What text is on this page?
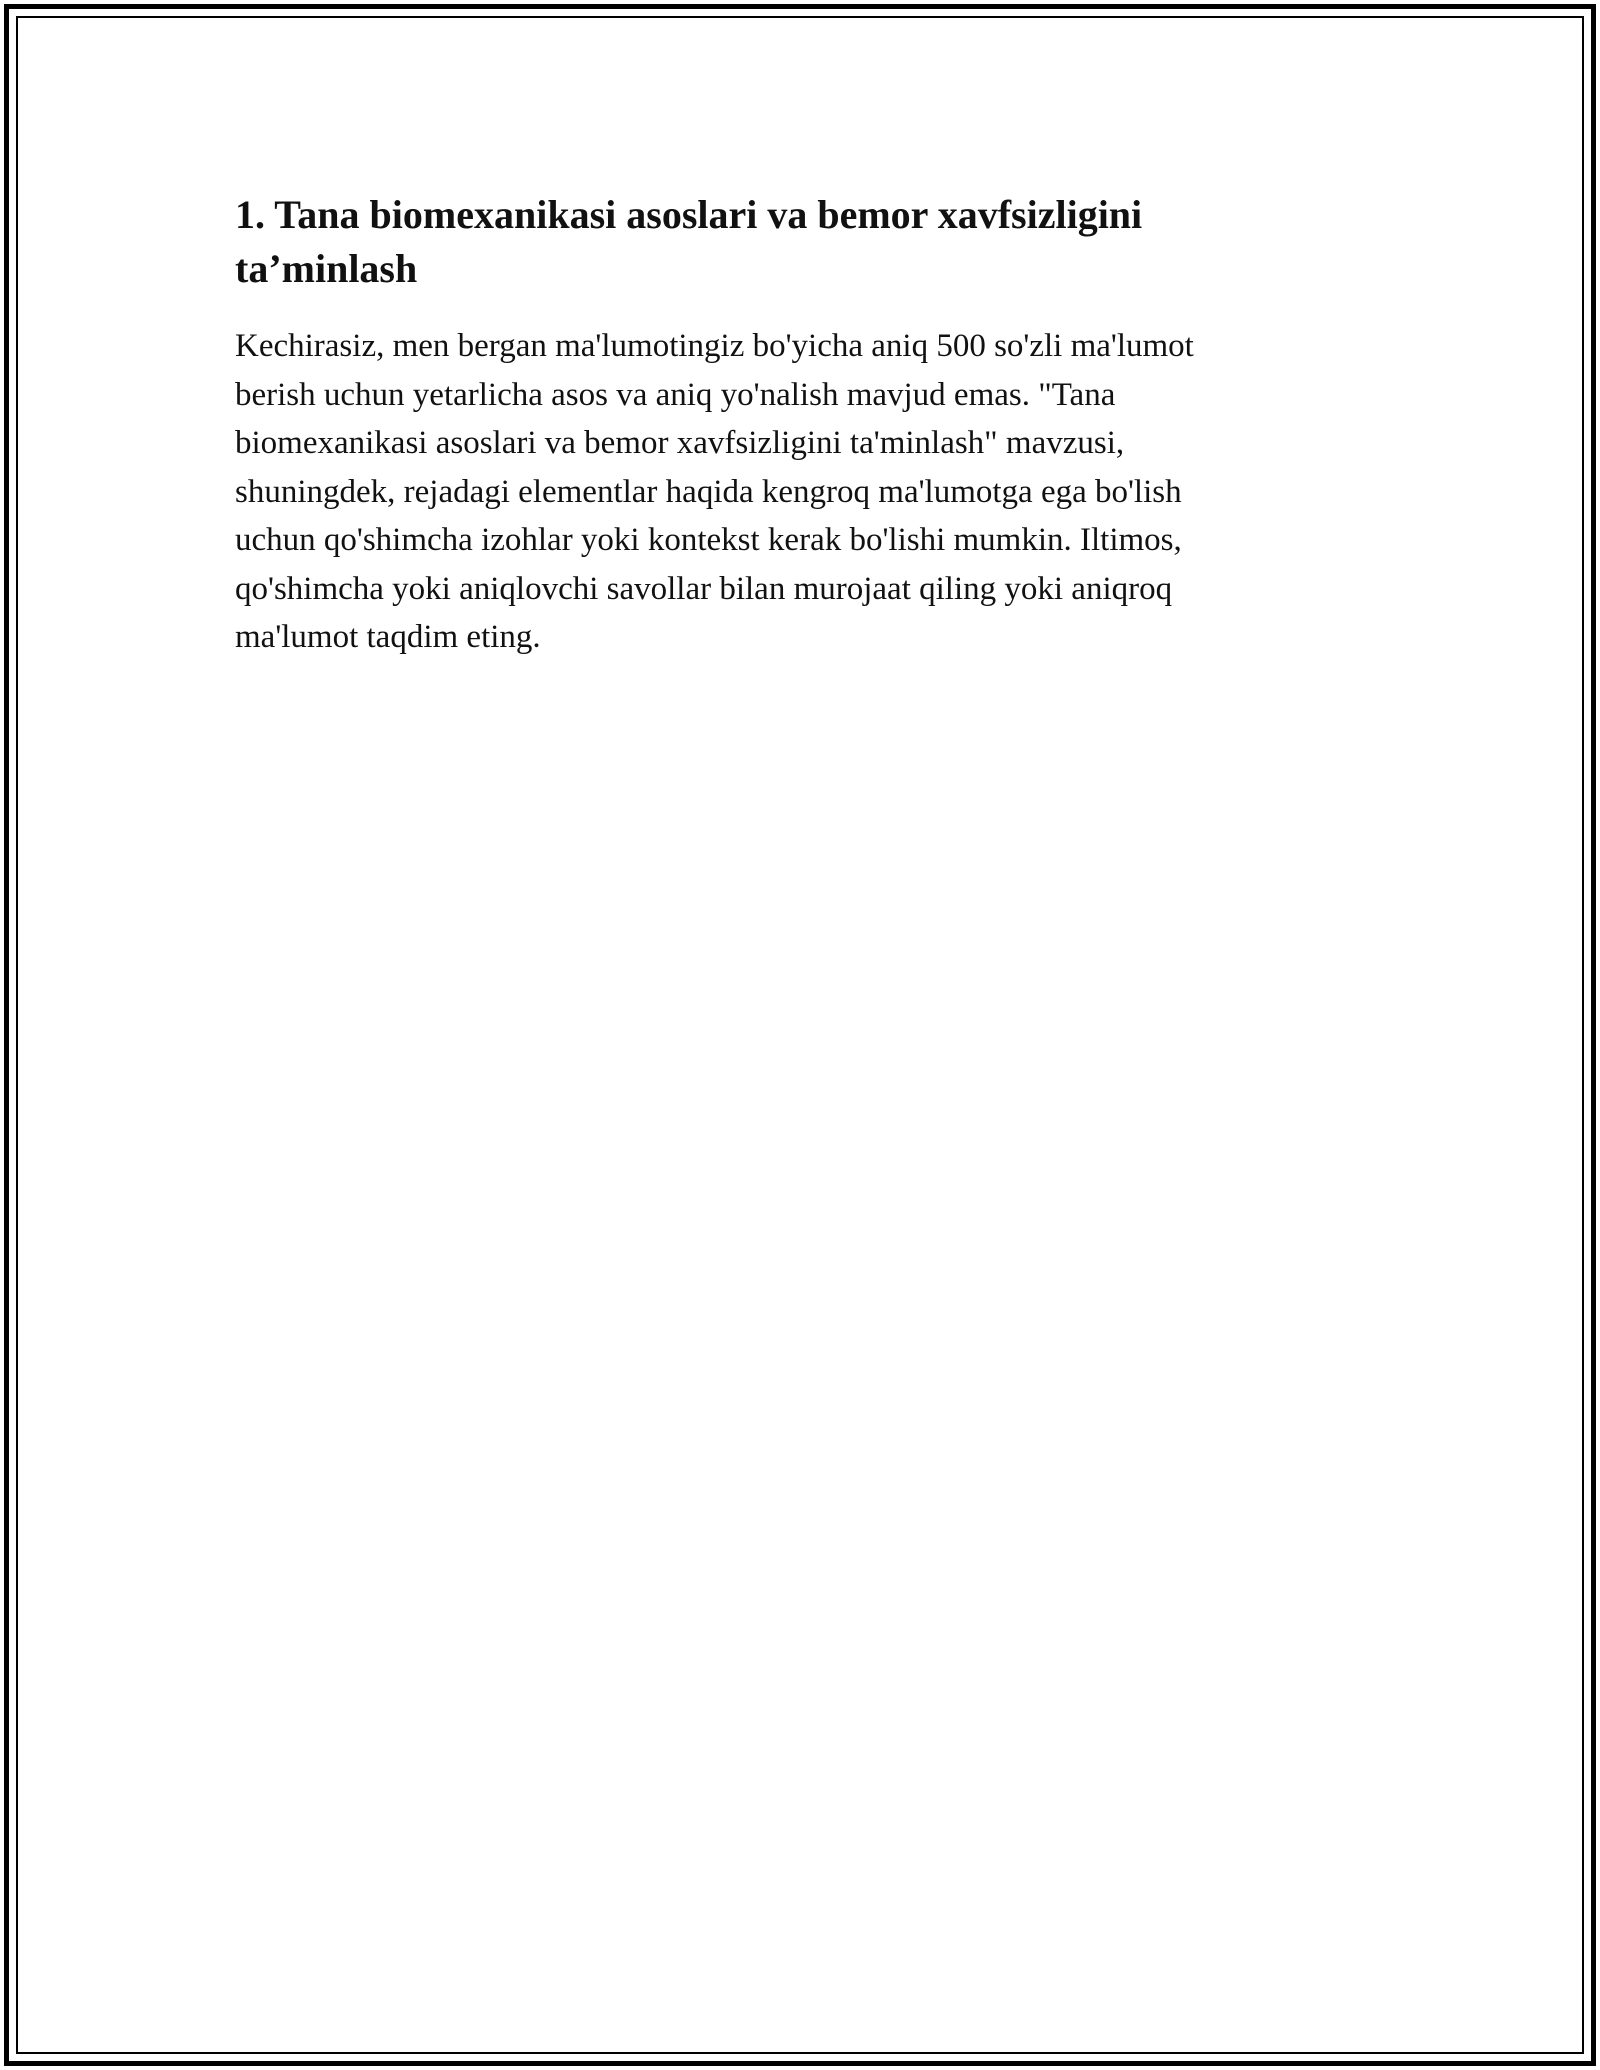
1. Tana biomexanikasi asoslari va bemor xavfsizligini
ta’minlash

Kechirasiz, men bergan ma'lumotingiz bo'yicha aniq 500 so'zli ma'lumot
berish uchun yetarlicha asos va aniq yo'nalish mavjud emas. "Tana
biomexanikasi asoslari va bemor xavfsizligini ta'minlash" mavzusi,
shuningdek, rejadagi elementlar haqida kengroq ma'lumotga ega bo'lish
uchun qo'shimcha izohlar yoki kontekst kerak bo'lishi mumkin. Iltimos,
qo'shimcha yoki aniqlovchi savollar bilan murojaat qiling yoki aniqroq
ma'lumot taqdim eting.
